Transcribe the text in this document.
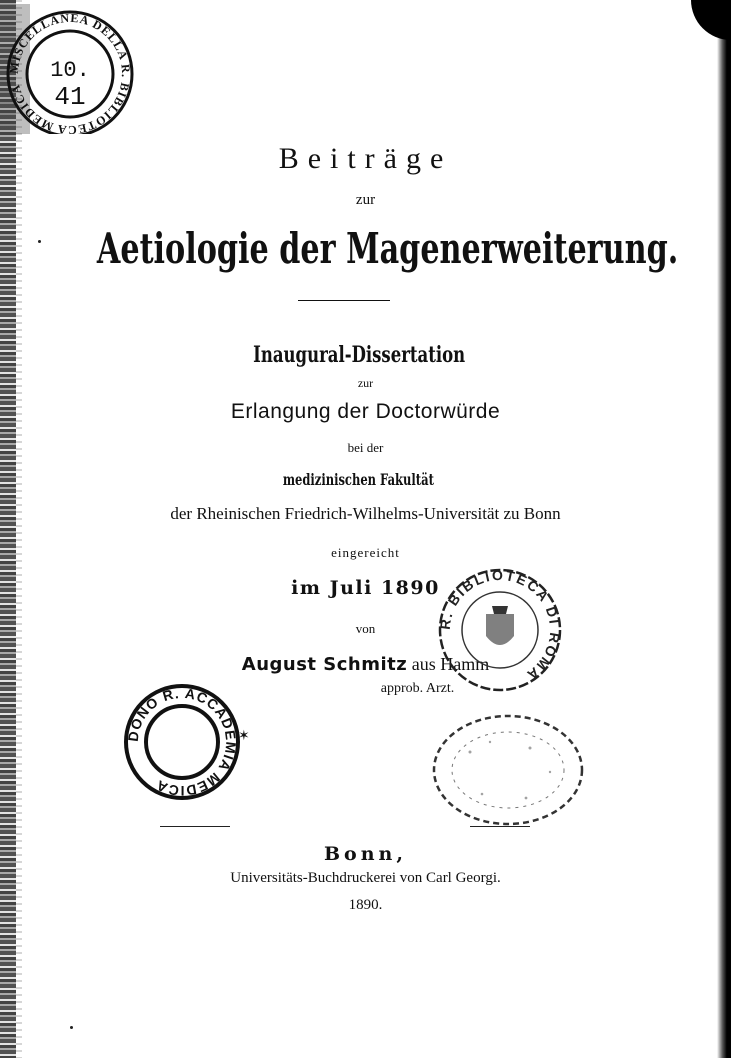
MISCELLANEA DELLA R. BIBLIOTECA MEDICA
10.
41
Beiträge
zur
Aetiologie der Magenerweiterung.
Inaugural-Dissertation
zur
Erlangung der Doctorwürde
bei der
medizinischen Fakultät
der Rheinischen Friedrich-Wilhelms-Universität zu Bonn
eingereicht
im Juli 1890
von
August Schmitz aus Hamm
approb. Arzt.
R. BIBLIOTECA DI ROMA
DONO R. ACCADEMIA MEDICA
✶
Bonn,
Universitäts-Buchdruckerei von Carl Georgi.
1890.
